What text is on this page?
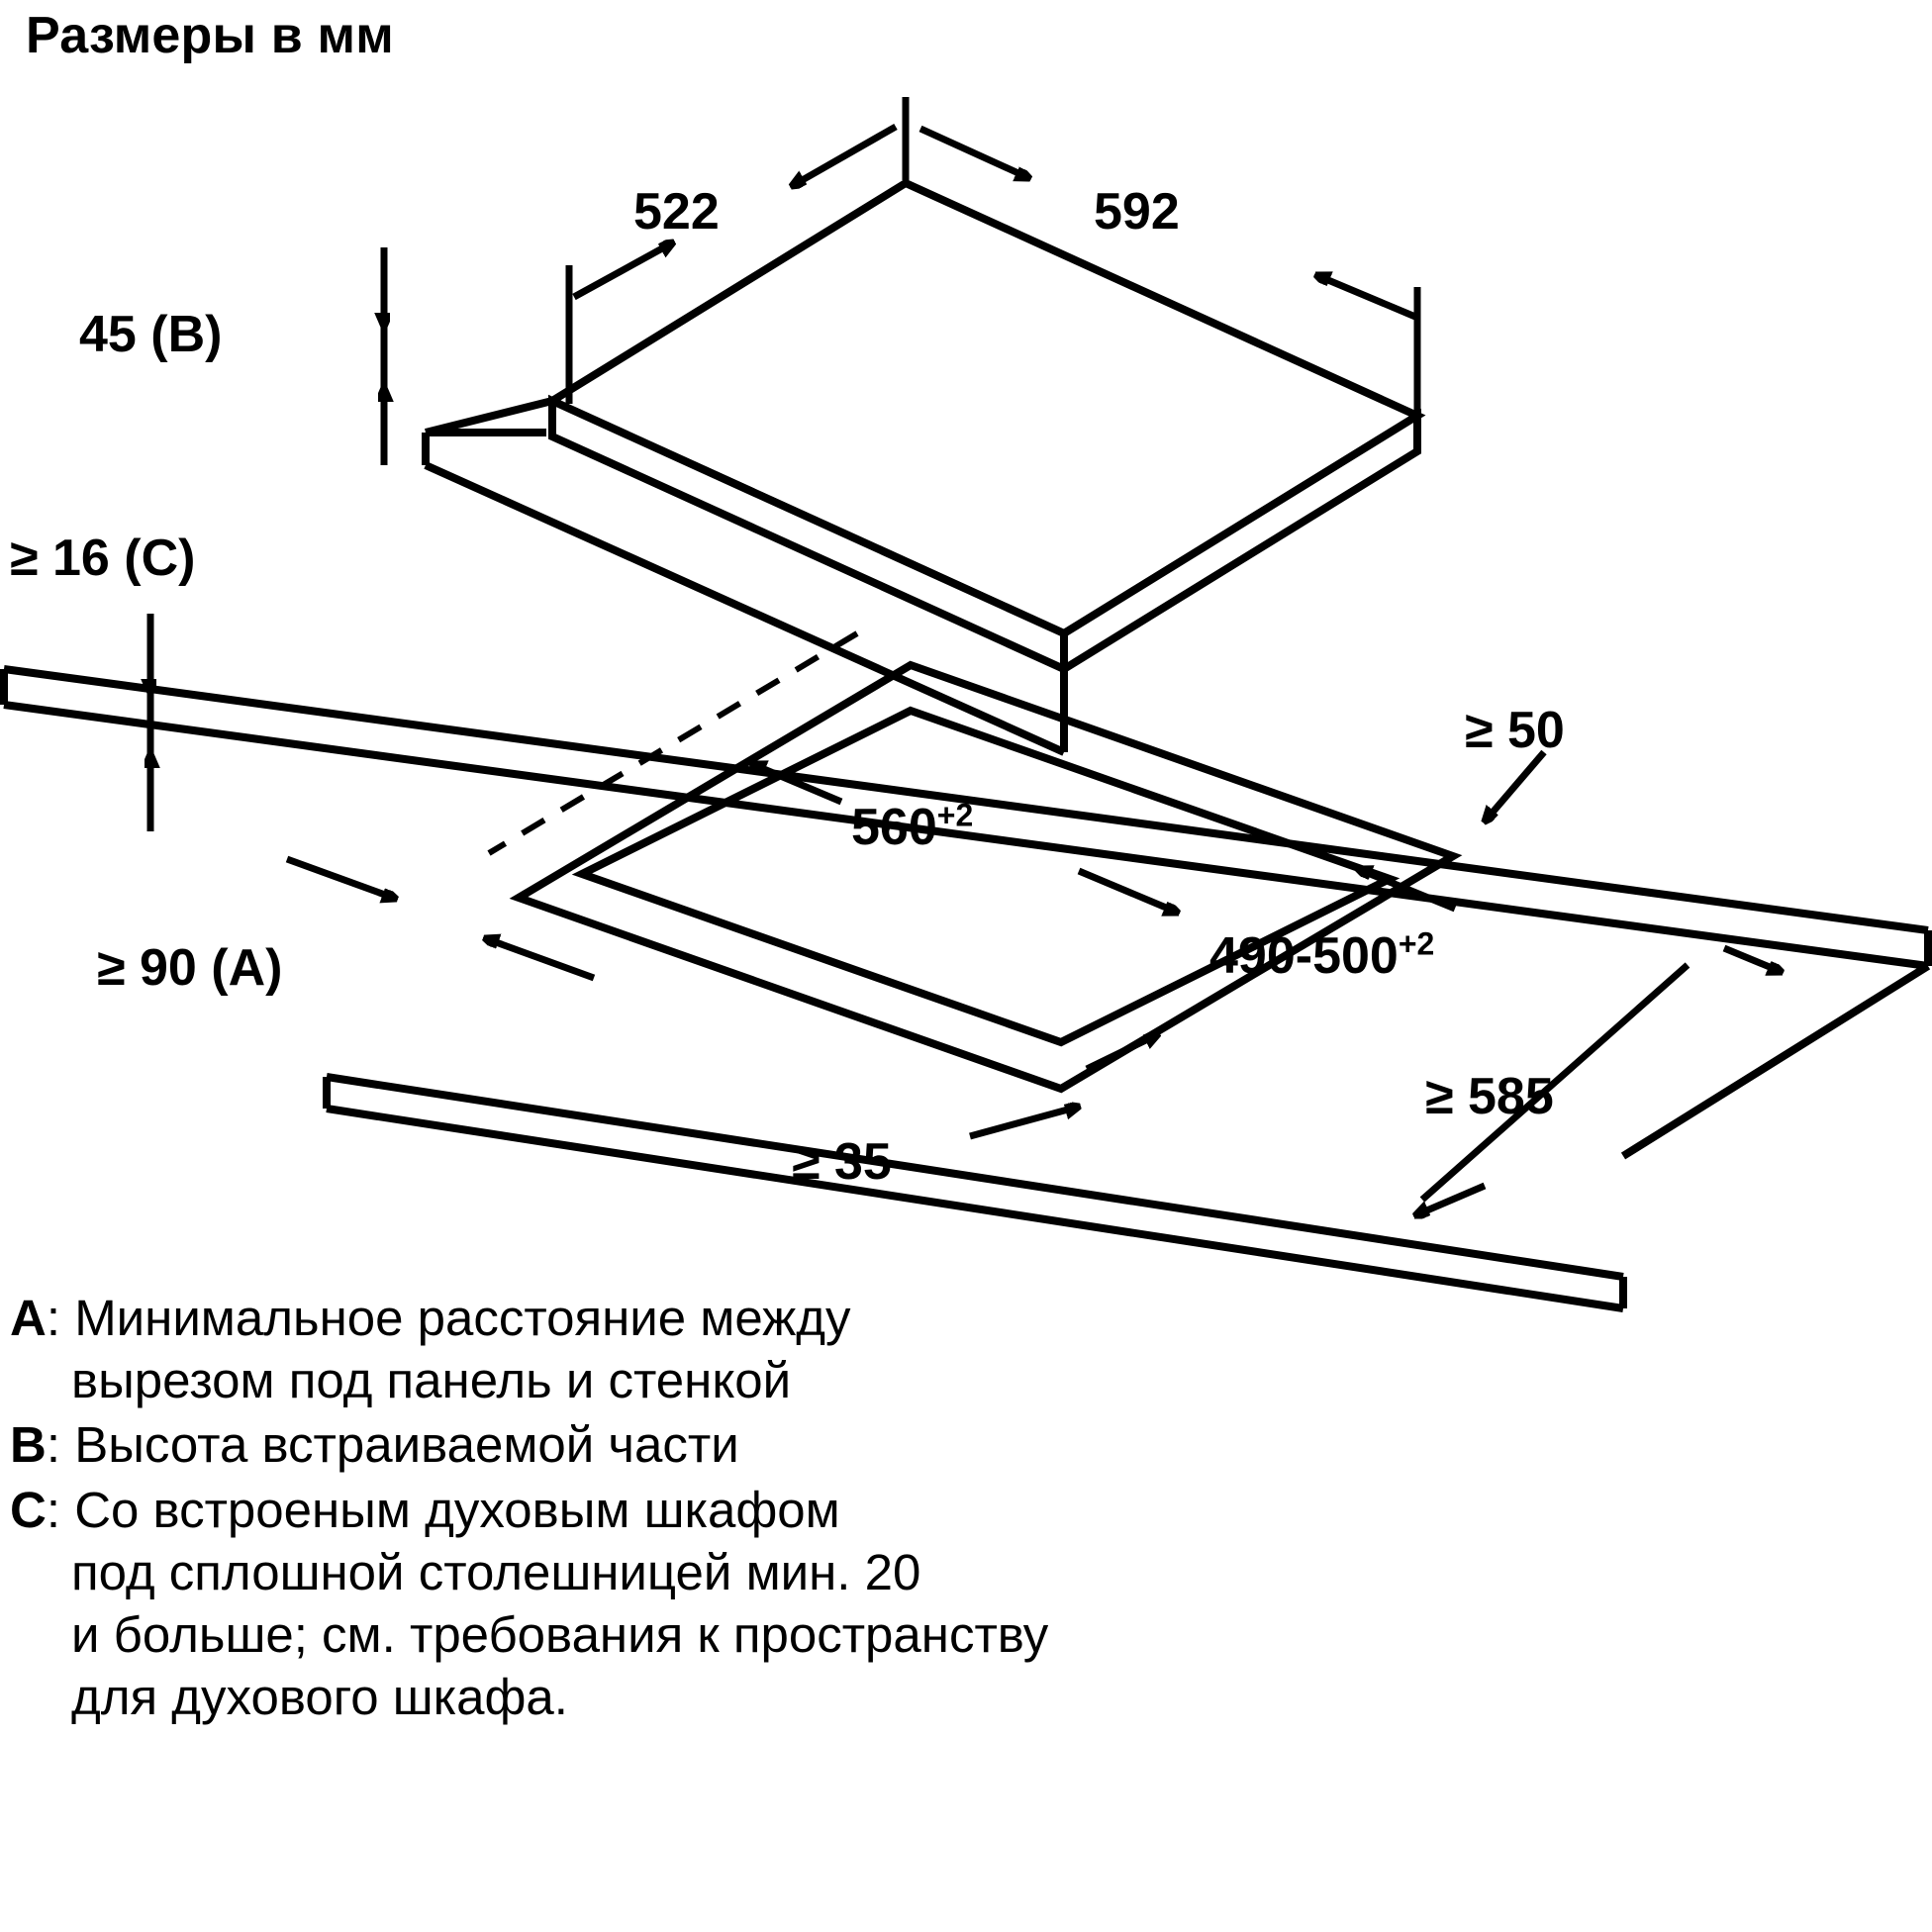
Размеры в мм
522	592
45 (B)
≥ 16 (C)
$560^{+2}$
$490-500^{+2}$
≥ 50
≥ 585
≥ 90 (A)
≥ 35
A: Минимальное расстояние между
вырезом под панель и стенкой
B: Высота встраиваемой части
C: Со встроеным духовым шкафом
под сплошной столешницей мин. 20
и больше; см. требования к пространству
для духового шкафа.
